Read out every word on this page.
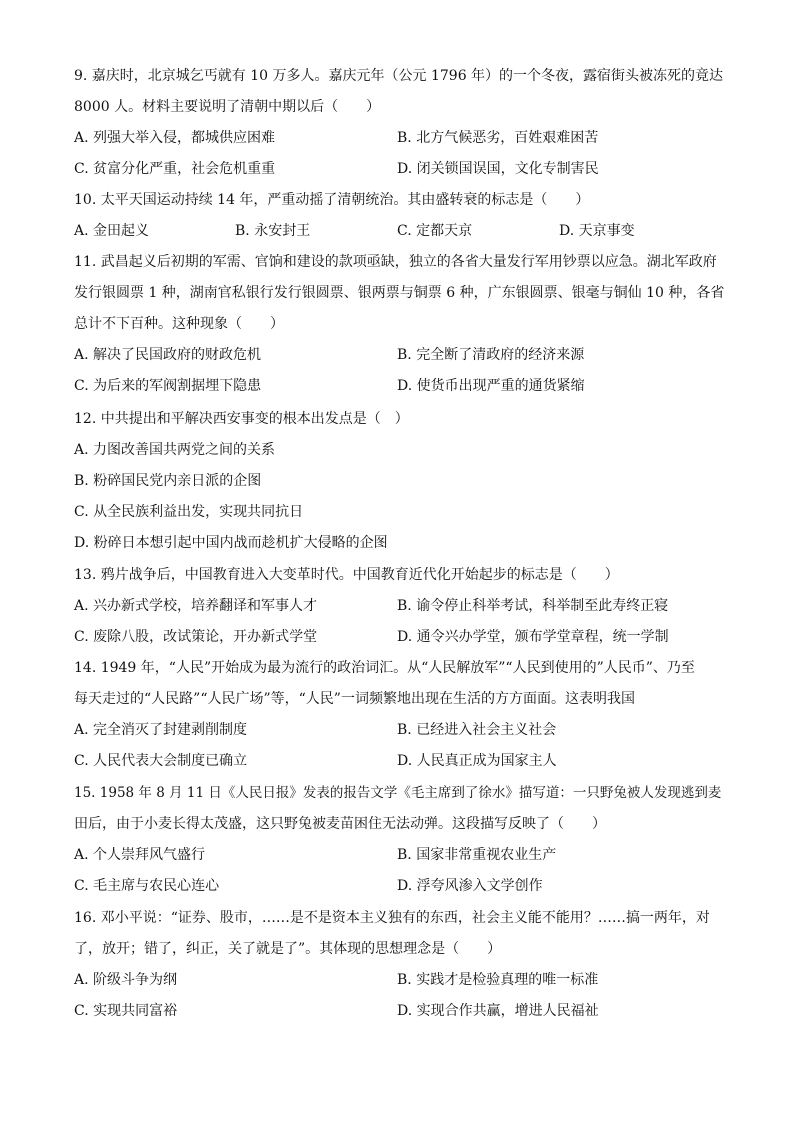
9. 嘉庆时，北京城乞丐就有 10 万多人。嘉庆元年（公元 1796 年）的一个冬夜，露宿街头被冻死的竟达
8000 人。材料主要说明了清朝中期以后（　　）
A. 列强大举入侵，都城供应困难	B. 北方气候恶劣，百姓艰难困苦
C. 贫富分化严重，社会危机重重	D. 闭关锁国误国，文化专制害民
10. 太平天国运动持续 14 年，严重动摇了清朝统治。其由盛转衰的标志是（　　）
A. 金田起义	B. 永安封王	C. 定都天京	D. 天京事变
11. 武昌起义后初期的军需、官饷和建设的款项亟缺，独立的各省大量发行军用钞票以应急。湖北军政府
发行银圆票 1 种，湖南官私银行发行银圆票、银两票与铜票 6 种，广东银圆票、银毫与铜仙 10 种，各省
总计不下百种。这种现象（　　）
A. 解决了民国政府的财政危机	B. 完全断了清政府的经济来源
C. 为后来的军阀割据埋下隐患	D. 使货币出现严重的通货紧缩
12. 中共提出和平解决西安事变的根本出发点是（　）
A. 力图改善国共两党之间的关系
B. 粉碎国民党内亲日派的企图
C. 从全民族利益出发，实现共同抗日
D. 粉碎日本想引起中国内战而趁机扩大侵略的企图
13. 鸦片战争后，中国教育进入大变革时代。中国教育近代化开始起步的标志是（　　）
A. 兴办新式学校，培养翻译和军事人才	B. 谕令停止科举考试，科举制至此寿终正寝
C. 废除八股，改试策论，开办新式学堂	D. 通令兴办学堂，颁布学堂章程，统一学制
14. 1949 年，“人民”开始成为最为流行的政治词汇。从“人民解放军”“人民到使用的”人民币”、乃至
每天走过的“人民路”“人民广场”等，“人民”一词频繁地出现在生活的方方面面。这表明我国
A. 完全消灭了封建剥削制度	B. 已经进入社会主义社会
C. 人民代表大会制度已确立	D. 人民真正成为国家主人
15. 1958 年 8 月 11 日《人民日报》发表的报告文学《毛主席到了徐水》描写道：一只野兔被人发现逃到麦
田后，由于小麦长得太茂盛，这只野兔被麦苗困住无法动弹。这段描写反映了（　　）
A. 个人崇拜风气盛行	B. 国家非常重视农业生产
C. 毛主席与农民心连心	D. 浮夸风渗入文学创作
16. 邓小平说：“证券、股市，……是不是资本主义独有的东西，社会主义能不能用？……搞一两年，对
了，放开；错了，纠正，关了就是了”。其体现的思想理念是（　　）
A. 阶级斗争为纲	B. 实践才是检验真理的唯一标准
C. 实现共同富裕	D. 实现合作共赢，增进人民福祉
